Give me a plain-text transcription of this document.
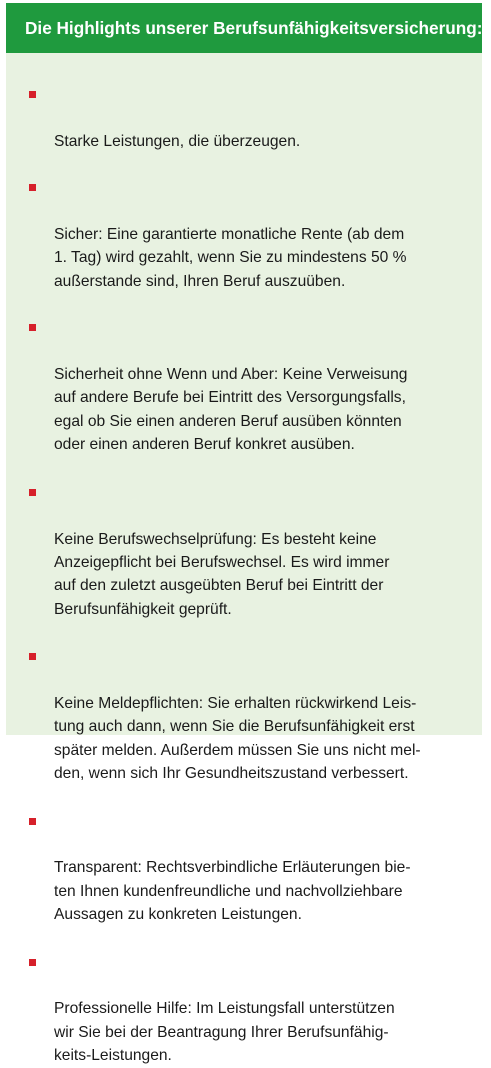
Die Highlights unserer Berufsunfähigkeitsversicherung:

Starke Leistungen, die überzeugen.

Sicher: Eine garantierte monatliche Rente (ab dem
1. Tag) wird gezahlt, wenn Sie zu mindestens 50 %
außerstande sind, Ihren Beruf auszuüben.

Sicherheit ohne Wenn und Aber: Keine Verweisung
auf andere Berufe bei Eintritt des Versorgungsfalls,
egal ob Sie einen anderen Beruf ausüben könnten
oder einen anderen Beruf konkret ausüben.

Keine Berufswechselprüfung: Es besteht keine
Anzeigepflicht bei Berufswechsel. Es wird immer
auf den zuletzt ausgeübten Beruf bei Eintritt der
Berufsunfähigkeit geprüft.

Keine Meldepflichten: Sie erhalten rückwirkend Leis-
tung auch dann, wenn Sie die Berufsunfähigkeit erst
später melden. Außerdem müssen Sie uns nicht mel-
den, wenn sich Ihr Gesundheitszustand verbessert.

Transparent: Rechtsverbindliche Erläuterungen bie-
ten Ihnen kundenfreundliche und nachvollziehbare
Aussagen zu konkreten Leistungen.

Professionelle Hilfe: Im Leistungsfall unterstützen
wir Sie bei der Beantragung Ihrer Berufsunfähig-
keits-Leistungen.
